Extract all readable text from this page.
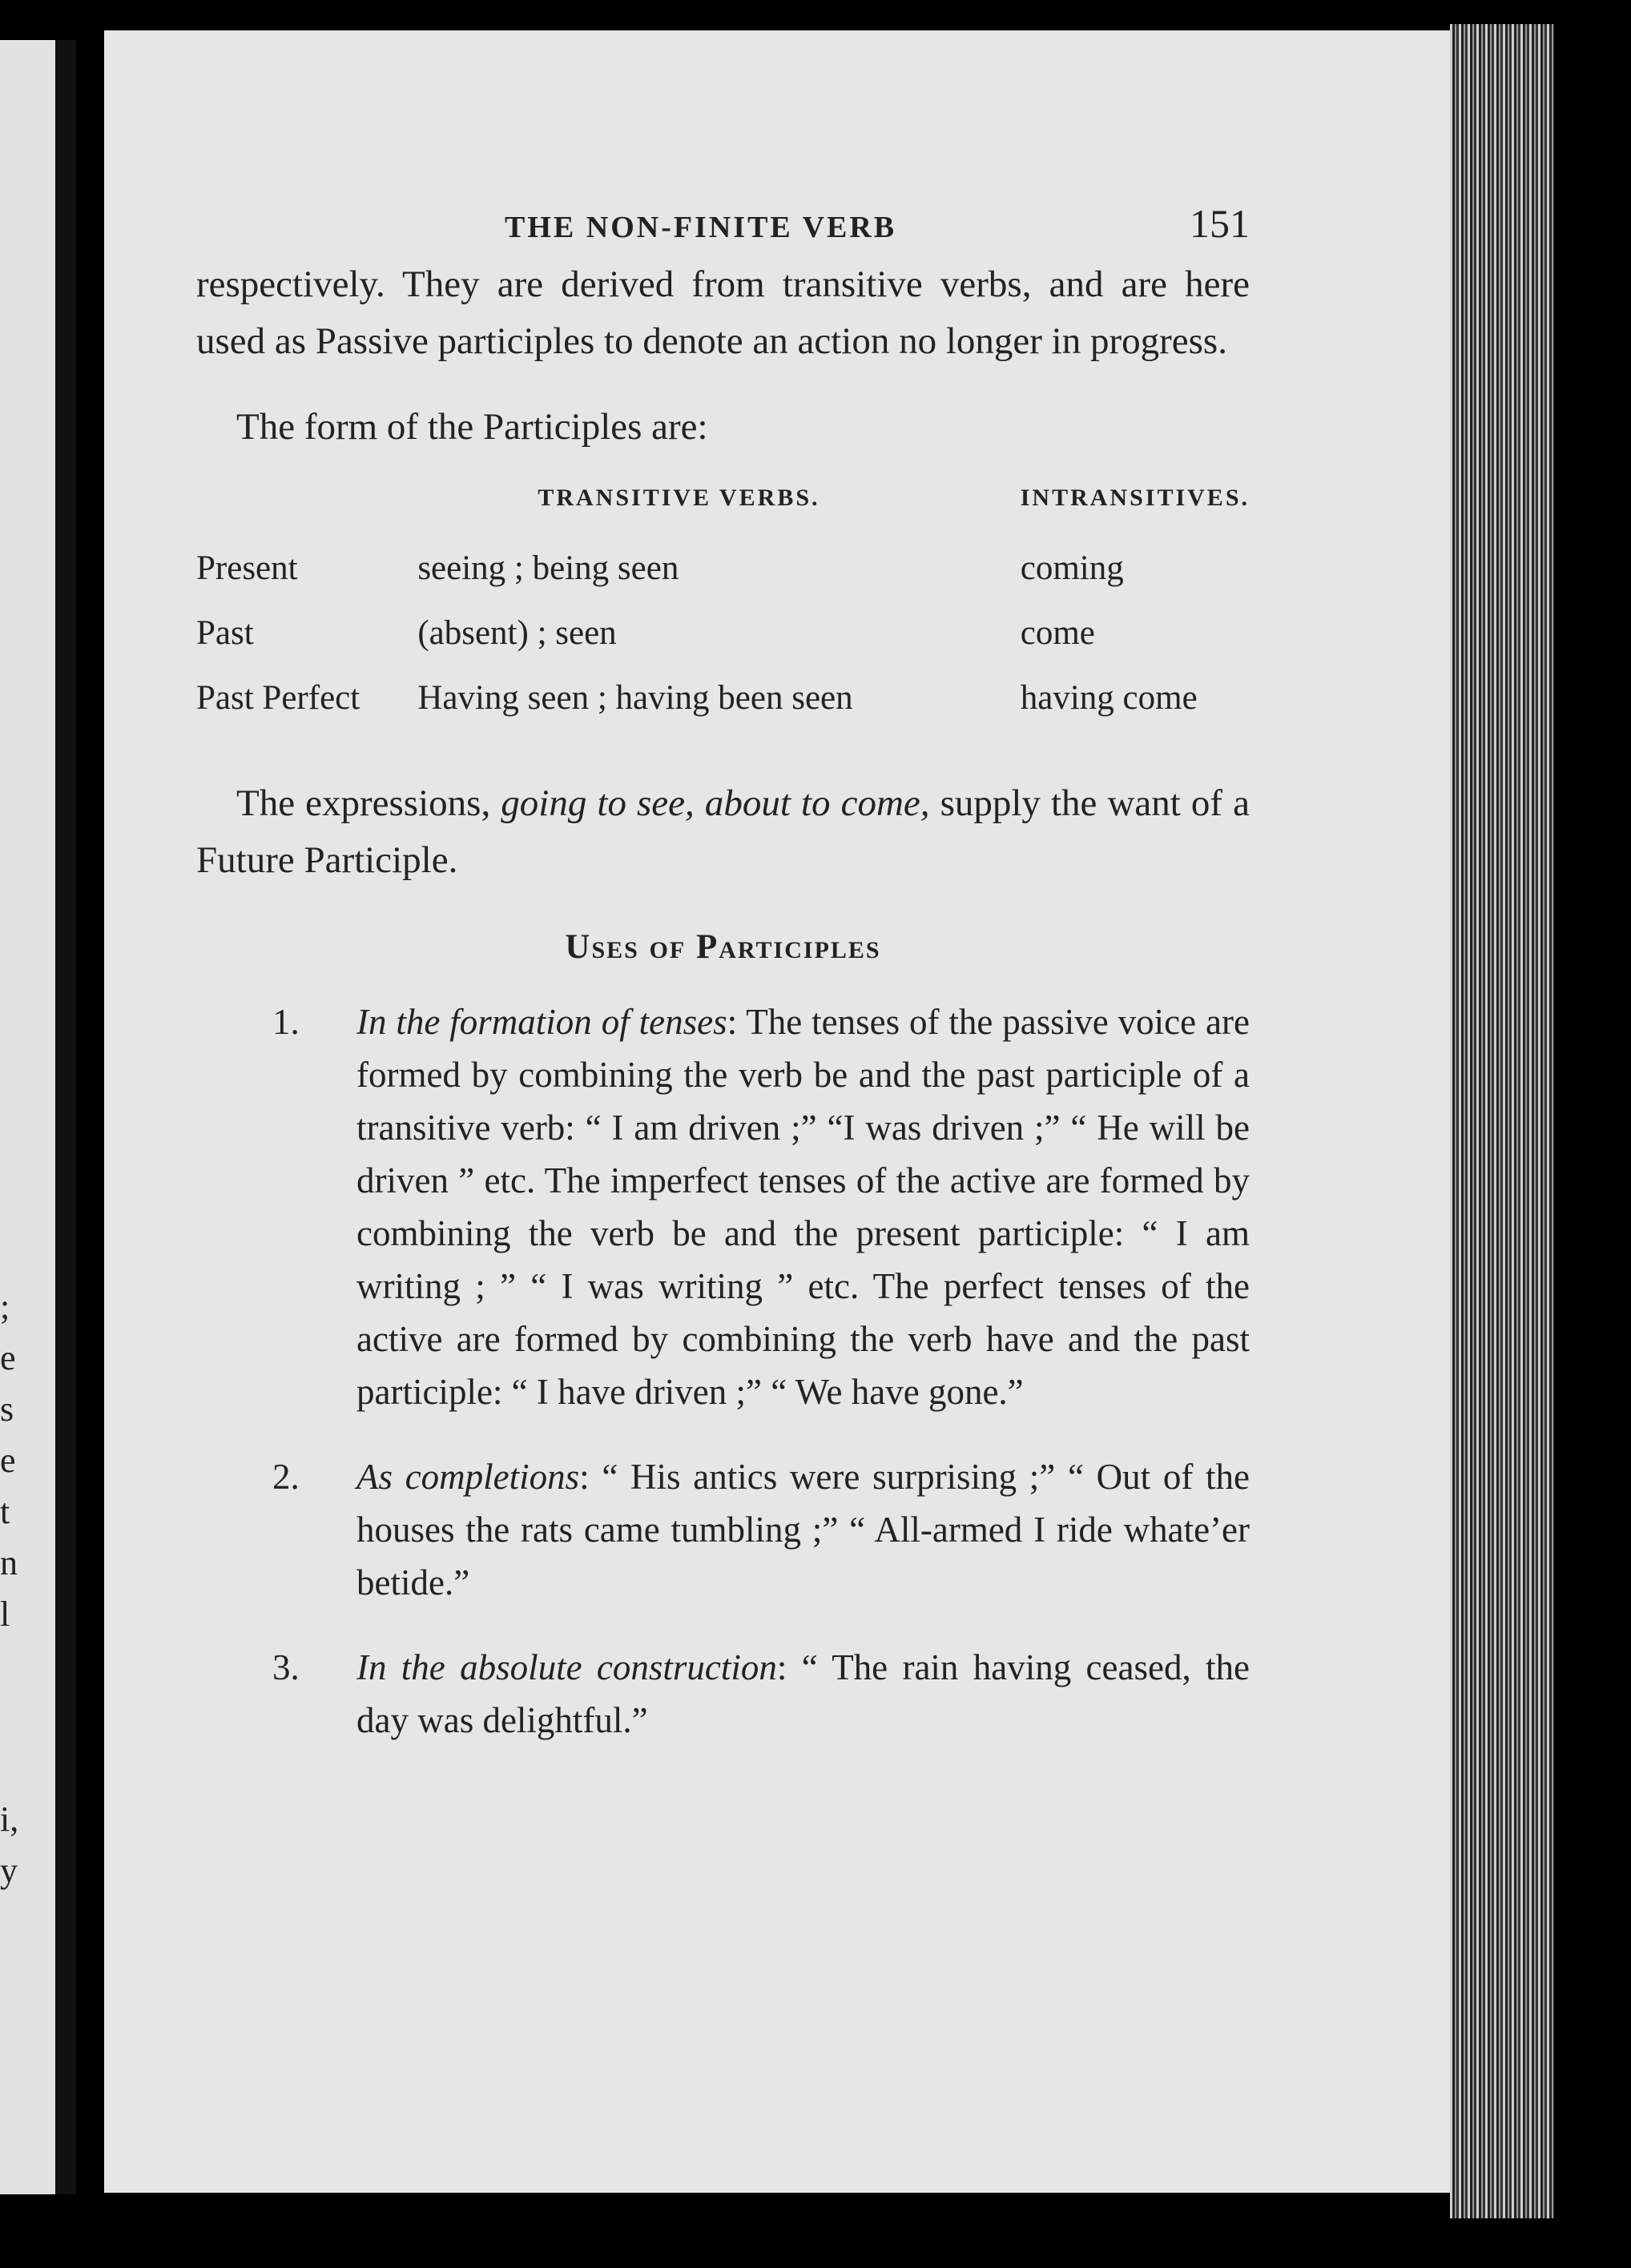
;
e
s
e
t
n
l

i,
y
THE NON-FINITE VERB	151

respectively. They are derived from transitive verbs, and are here used as Passive participles to denote an action no longer in progress.

The form of the Participles are:

	TRANSITIVE VERBS.	INTRANSITIVES.
Present	seeing ; being seen	coming
Past	(absent) ; seen	come
Past Perfect	Having seen ; having been seen	having come

The expressions, going to see, about to come, supply the want of a Future Participle.

Uses of Participles
1. In the formation of tenses: The tenses of the passive voice are formed by combining the verb be and the past participle of a transitive verb: “ I am driven ;” “I was driven ;” “ He will be driven ” etc. The imperfect tenses of the active are formed by combining the verb be and the present participle: “ I am writing ; ” “ I was writing ” etc. The perfect tenses of the active are formed by combining the verb have and the past participle: “ I have driven ;” “ We have gone.”
2. As completions: “ His antics were surprising ;” “ Out of the houses the rats came tumbling ;” “ All-armed I ride whate’er betide.”
3. In the absolute construction: “ The rain having ceased, the day was delightful.”
